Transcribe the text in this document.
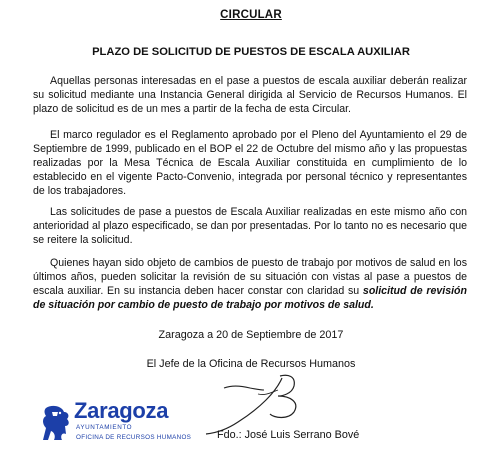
CIRCULAR
PLAZO DE SOLICITUD DE PUESTOS DE ESCALA AUXILIAR

Aquellas personas interesadas en el pase a puestos de escala auxiliar deberán realizar su solicitud mediante una Instancia General dirigida al Servicio de Recursos Humanos. El plazo de solicitud es de un mes a partir de la fecha de esta Circular.

El marco regulador es el Reglamento aprobado por el Pleno del Ayuntamiento el 29 de Septiembre de 1999, publicado en el BOP el 22 de Octubre del mismo año y las propuestas realizadas por la Mesa Técnica de Escala Auxiliar constituida en cumplimiento de lo establecido en el vigente Pacto-Convenio, integrada por personal técnico y representantes de los trabajadores.

Las solicitudes de pase a puestos de Escala Auxiliar realizadas en este mismo año con anterioridad al plazo especificado, se dan por presentadas. Por lo tanto no es necesario que se reitere la solicitud.

Quienes hayan sido objeto de cambios de puesto de trabajo por motivos de salud en los últimos años, pueden solicitar la revisión de su situación con vistas al pase a puestos de escala auxiliar. En su instancia deben hacer constar con claridad su solicitud de revisión de situación por cambio de puesto de trabajo por motivos de salud.

Zaragoza a 20 de Septiembre de 2017
El Jefe de la Oficina de Recursos Humanos
Zaragoza
AYUNTAMIENTO
OFICINA DE RECURSOS HUMANOS Fdo.: José Luis Serrano Bové
